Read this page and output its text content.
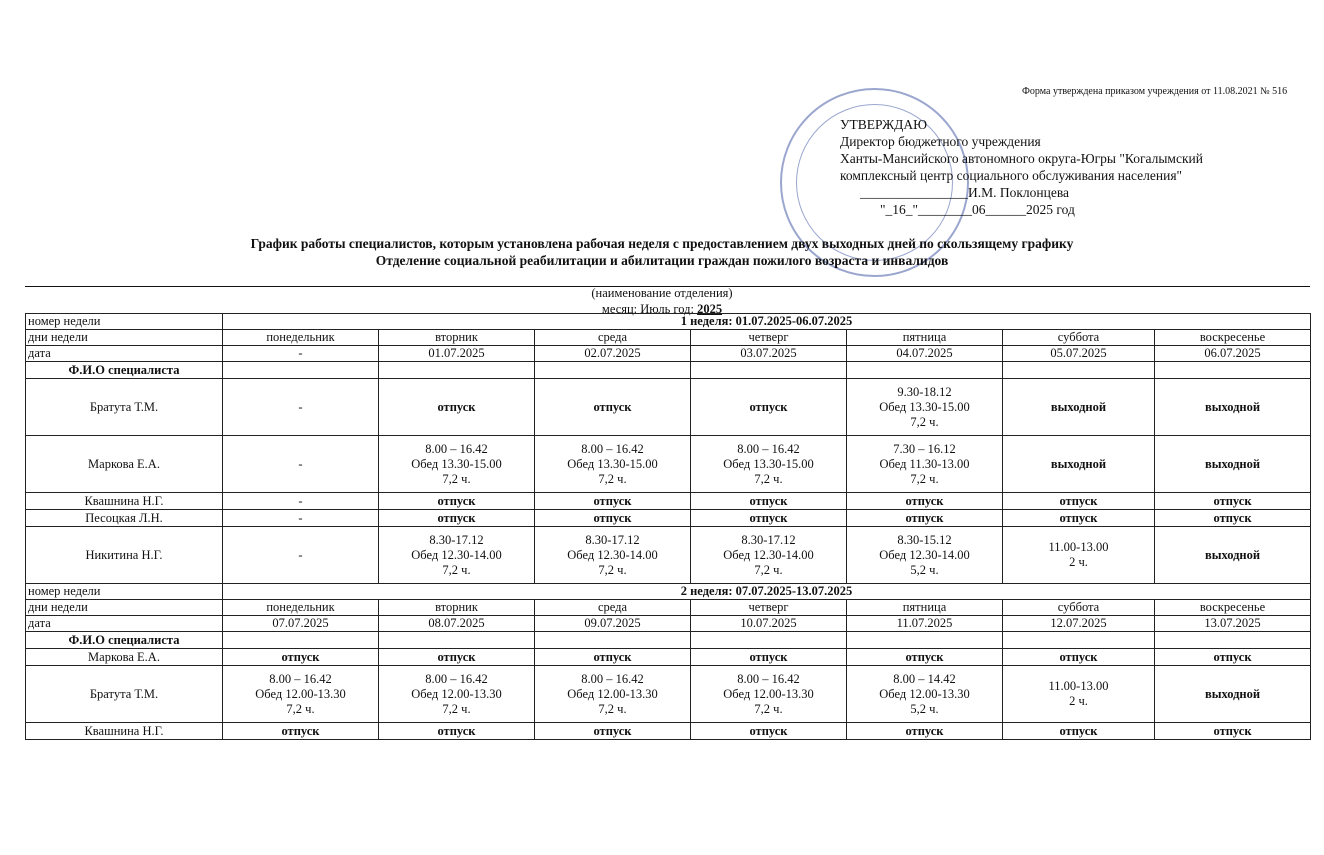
Форма утверждена приказом учреждения от 11.08.2021 № 516
УТВЕРЖДАЮ
Директор бюджетного учреждения
Ханты-Мансийского автономного округа-Югры "Когалымский
комплексный центр социального обслуживания населения"
________________И.М. Поклонцева
"_16_"________06______2025 год
График работы специалистов, которым установлена рабочая неделя с предоставлением двух выходных дней по скользящему графику
Отделение социальной реабилитации и абилитации граждан пожилого возраста и инвалидов
(наименование отделения)
месяц: Июль год: 2025
номер недели	1 неделя: 01.07.2025-06.07.2025						
дни недели	понедельник	вторник	среда	четверг	пятница	суббота	воскресенье
дата	-	01.07.2025	02.07.2025	03.07.2025	04.07.2025	05.07.2025	06.07.2025
Ф.И.О специалиста							
Братута Т.М.	-	отпуск	отпуск	отпуск	9.30-18.12
Обед 13.30-15.00
7,2 ч.	выходной	выходной
Маркова Е.А.	-	8.00 – 16.42
Обед 13.30-15.00
7,2 ч.	8.00 – 16.42
Обед 13.30-15.00
7,2 ч.	8.00 – 16.42
Обед 13.30-15.00
7,2 ч.	7.30 – 16.12
Обед 11.30-13.00
7,2 ч.	выходной	выходной
Квашнина Н.Г.	-	отпуск	отпуск	отпуск	отпуск	отпуск	отпуск
Песоцкая Л.Н.	-	отпуск	отпуск	отпуск	отпуск	отпуск	отпуск
Никитина Н.Г.	-	8.30-17.12
Обед 12.30-14.00
7,2 ч.	8.30-17.12
Обед 12.30-14.00
7,2 ч.	8.30-17.12
Обед 12.30-14.00
7,2 ч.	8.30-15.12
Обед 12.30-14.00
5,2 ч.	11.00-13.00
2 ч.	выходной
номер недели	2 неделя: 07.07.2025-13.07.2025						
дни недели	понедельник	вторник	среда	четверг	пятница	суббота	воскресенье
дата	07.07.2025	08.07.2025	09.07.2025	10.07.2025	11.07.2025	12.07.2025	13.07.2025
Ф.И.О специалиста							
Маркова Е.А.	отпуск	отпуск	отпуск	отпуск	отпуск	отпуск	отпуск
Братута Т.М.	8.00 – 16.42
Обед 12.00-13.30
7,2 ч.	8.00 – 16.42
Обед 12.00-13.30
7,2 ч.	8.00 – 16.42
Обед 12.00-13.30
7,2 ч.	8.00 – 16.42
Обед 12.00-13.30
7,2 ч.	8.00 – 14.42
Обед 12.00-13.30
5,2 ч.	11.00-13.00
2 ч.	выходной
Квашнина Н.Г.	отпуск	отпуск	отпуск	отпуск	отпуск	отпуск	отпуск
